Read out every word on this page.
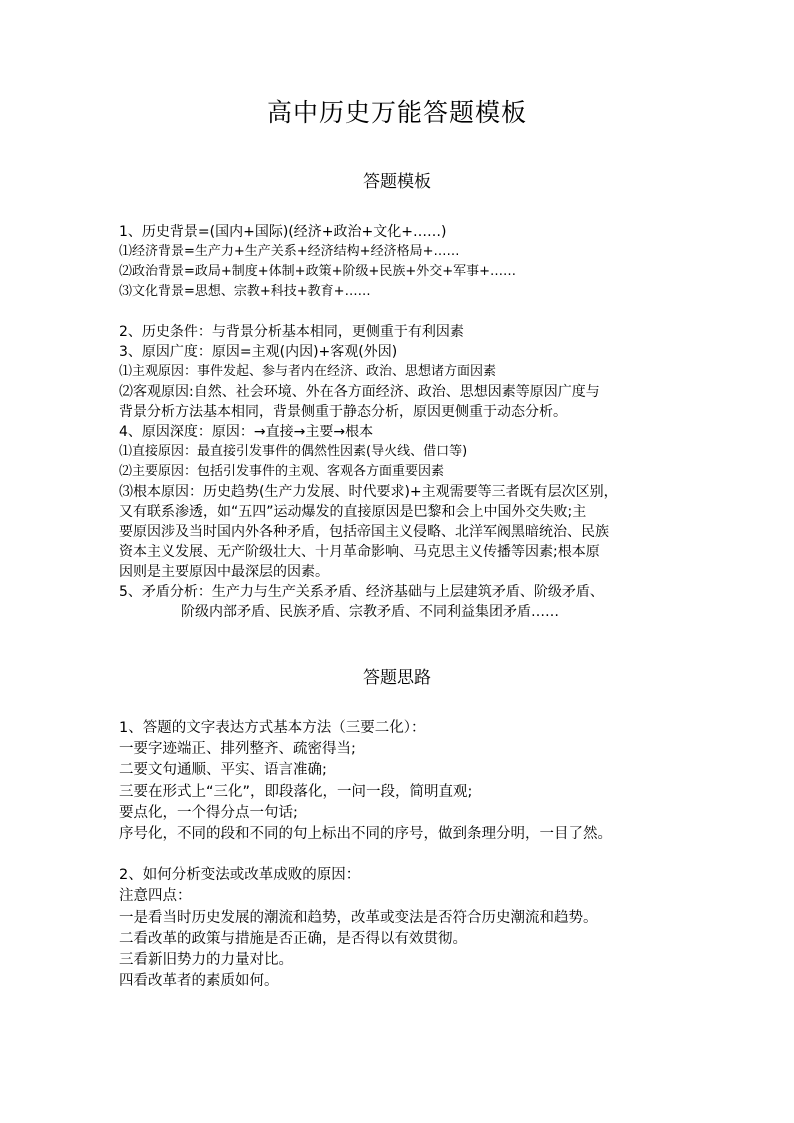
高中历史万能答题模板
答题模板
1、历史背景=(国内+国际)(经济+政治+文化+……)
⑴经济背景=生产力+生产关系+经济结构+经济格局+……
⑵政治背景=政局+制度+体制+政策+阶级+民族+外交+军事+……
⑶文化背景=思想、宗教+科技+教育+……
2、历史条件：与背景分析基本相同，更侧重于有利因素
3、原因广度：原因=主观(内因)+客观(外因)
⑴主观原因：事件发起、参与者内在经济、政治、思想诸方面因素
⑵客观原因:自然、社会环境、外在各方面经济、政治、思想因素等原因广度与
背景分析方法基本相同，背景侧重于静态分析，原因更侧重于动态分析。
4、原因深度：原因：→直接→主要→根本
⑴直接原因：最直接引发事件的偶然性因素(导火线、借口等)
⑵主要原因：包括引发事件的主观、客观各方面重要因素
⑶根本原因：历史趋势(生产力发展、时代要求)+主观需要等三者既有层次区别，
又有联系渗透，如“五四”运动爆发的直接原因是巴黎和会上中国外交失败;主
要原因涉及当时国内外各种矛盾，包括帝国主义侵略、北洋军阀黑暗统治、民族
资本主义发展、无产阶级壮大、十月革命影响、马克思主义传播等因素;根本原
因则是主要原因中最深层的因素。
5、矛盾分析：生产力与生产关系矛盾、经济基础与上层建筑矛盾、阶级矛盾、
阶级内部矛盾、民族矛盾、宗教矛盾、不同利益集团矛盾……
答题思路
1、答题的文字表达方式基本方法（三要二化）：
一要字迹端正、排列整齐、疏密得当;
二要文句通顺、平实、语言准确;
三要在形式上“三化”，即段落化，一问一段，简明直观;
要点化，一个得分点一句话;
序号化，不同的段和不同的句上标出不同的序号，做到条理分明，一目了然。
2、如何分析变法或改革成败的原因：
注意四点：
一是看当时历史发展的潮流和趋势，改革或变法是否符合历史潮流和趋势。
二看改革的政策与措施是否正确，是否得以有效贯彻。
三看新旧势力的力量对比。
四看改革者的素质如何。
